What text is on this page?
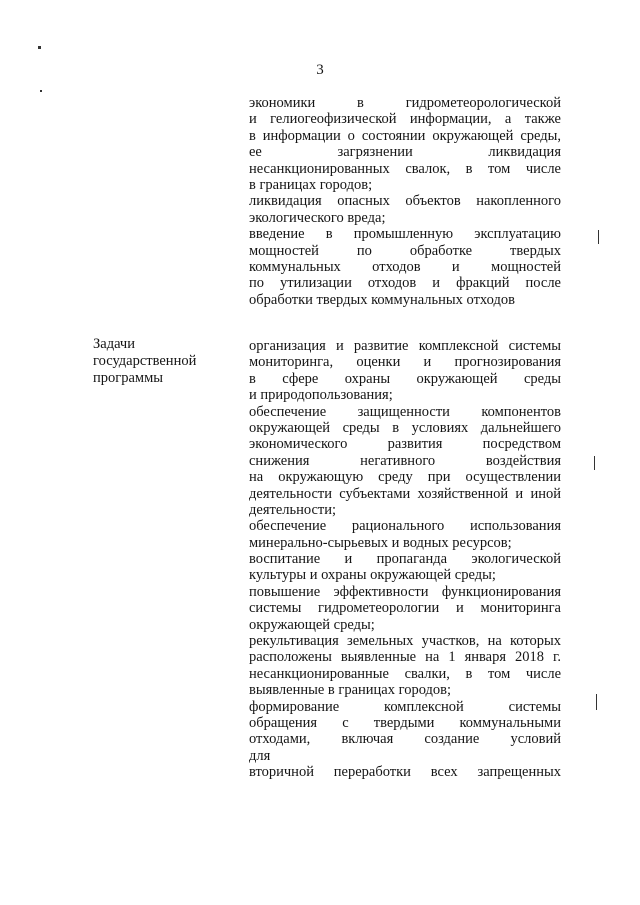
3
экономики в гидрометеорологической
и гелиогеофизической информации, а также
в информации о состоянии окружающей среды,
ее загрязнении ликвидация
несанкционированных свалок, в том числе
в границах городов;
ликвидация опасных объектов накопленного
экологического вреда;
введение в промышленную эксплуатацию
мощностей по обработке твердых
коммунальных отходов и мощностей
по утилизации отходов и фракций после
обработки твердых коммунальных отходов
Задачи
государственной
программы
организация и развитие комплексной системы
мониторинга, оценки и прогнозирования
в сфере охраны окружающей среды
и природопользования;
обеспечение защищенности компонентов
окружающей среды в условиях дальнейшего
экономического развития посредством
снижения негативного воздействия
на окружающую среду при осуществлении
деятельности субъектами хозяйственной и иной
деятельности;
обеспечение рационального использования
минерально-сырьевых и водных ресурсов;
воспитание и пропаганда экологической
культуры и охраны окружающей среды;
повышение эффективности функционирования
системы гидрометеорологии и мониторинга
окружающей среды;
рекультивация земельных участков, на которых
расположены выявленные на 1 января 2018 г.
несанкционированные свалки, в том числе
выявленные в границах городов;
формирование комплексной системы
обращения с твердыми коммунальными
отходами, включая создание условий
для
вторичной переработки всех запрещенных
